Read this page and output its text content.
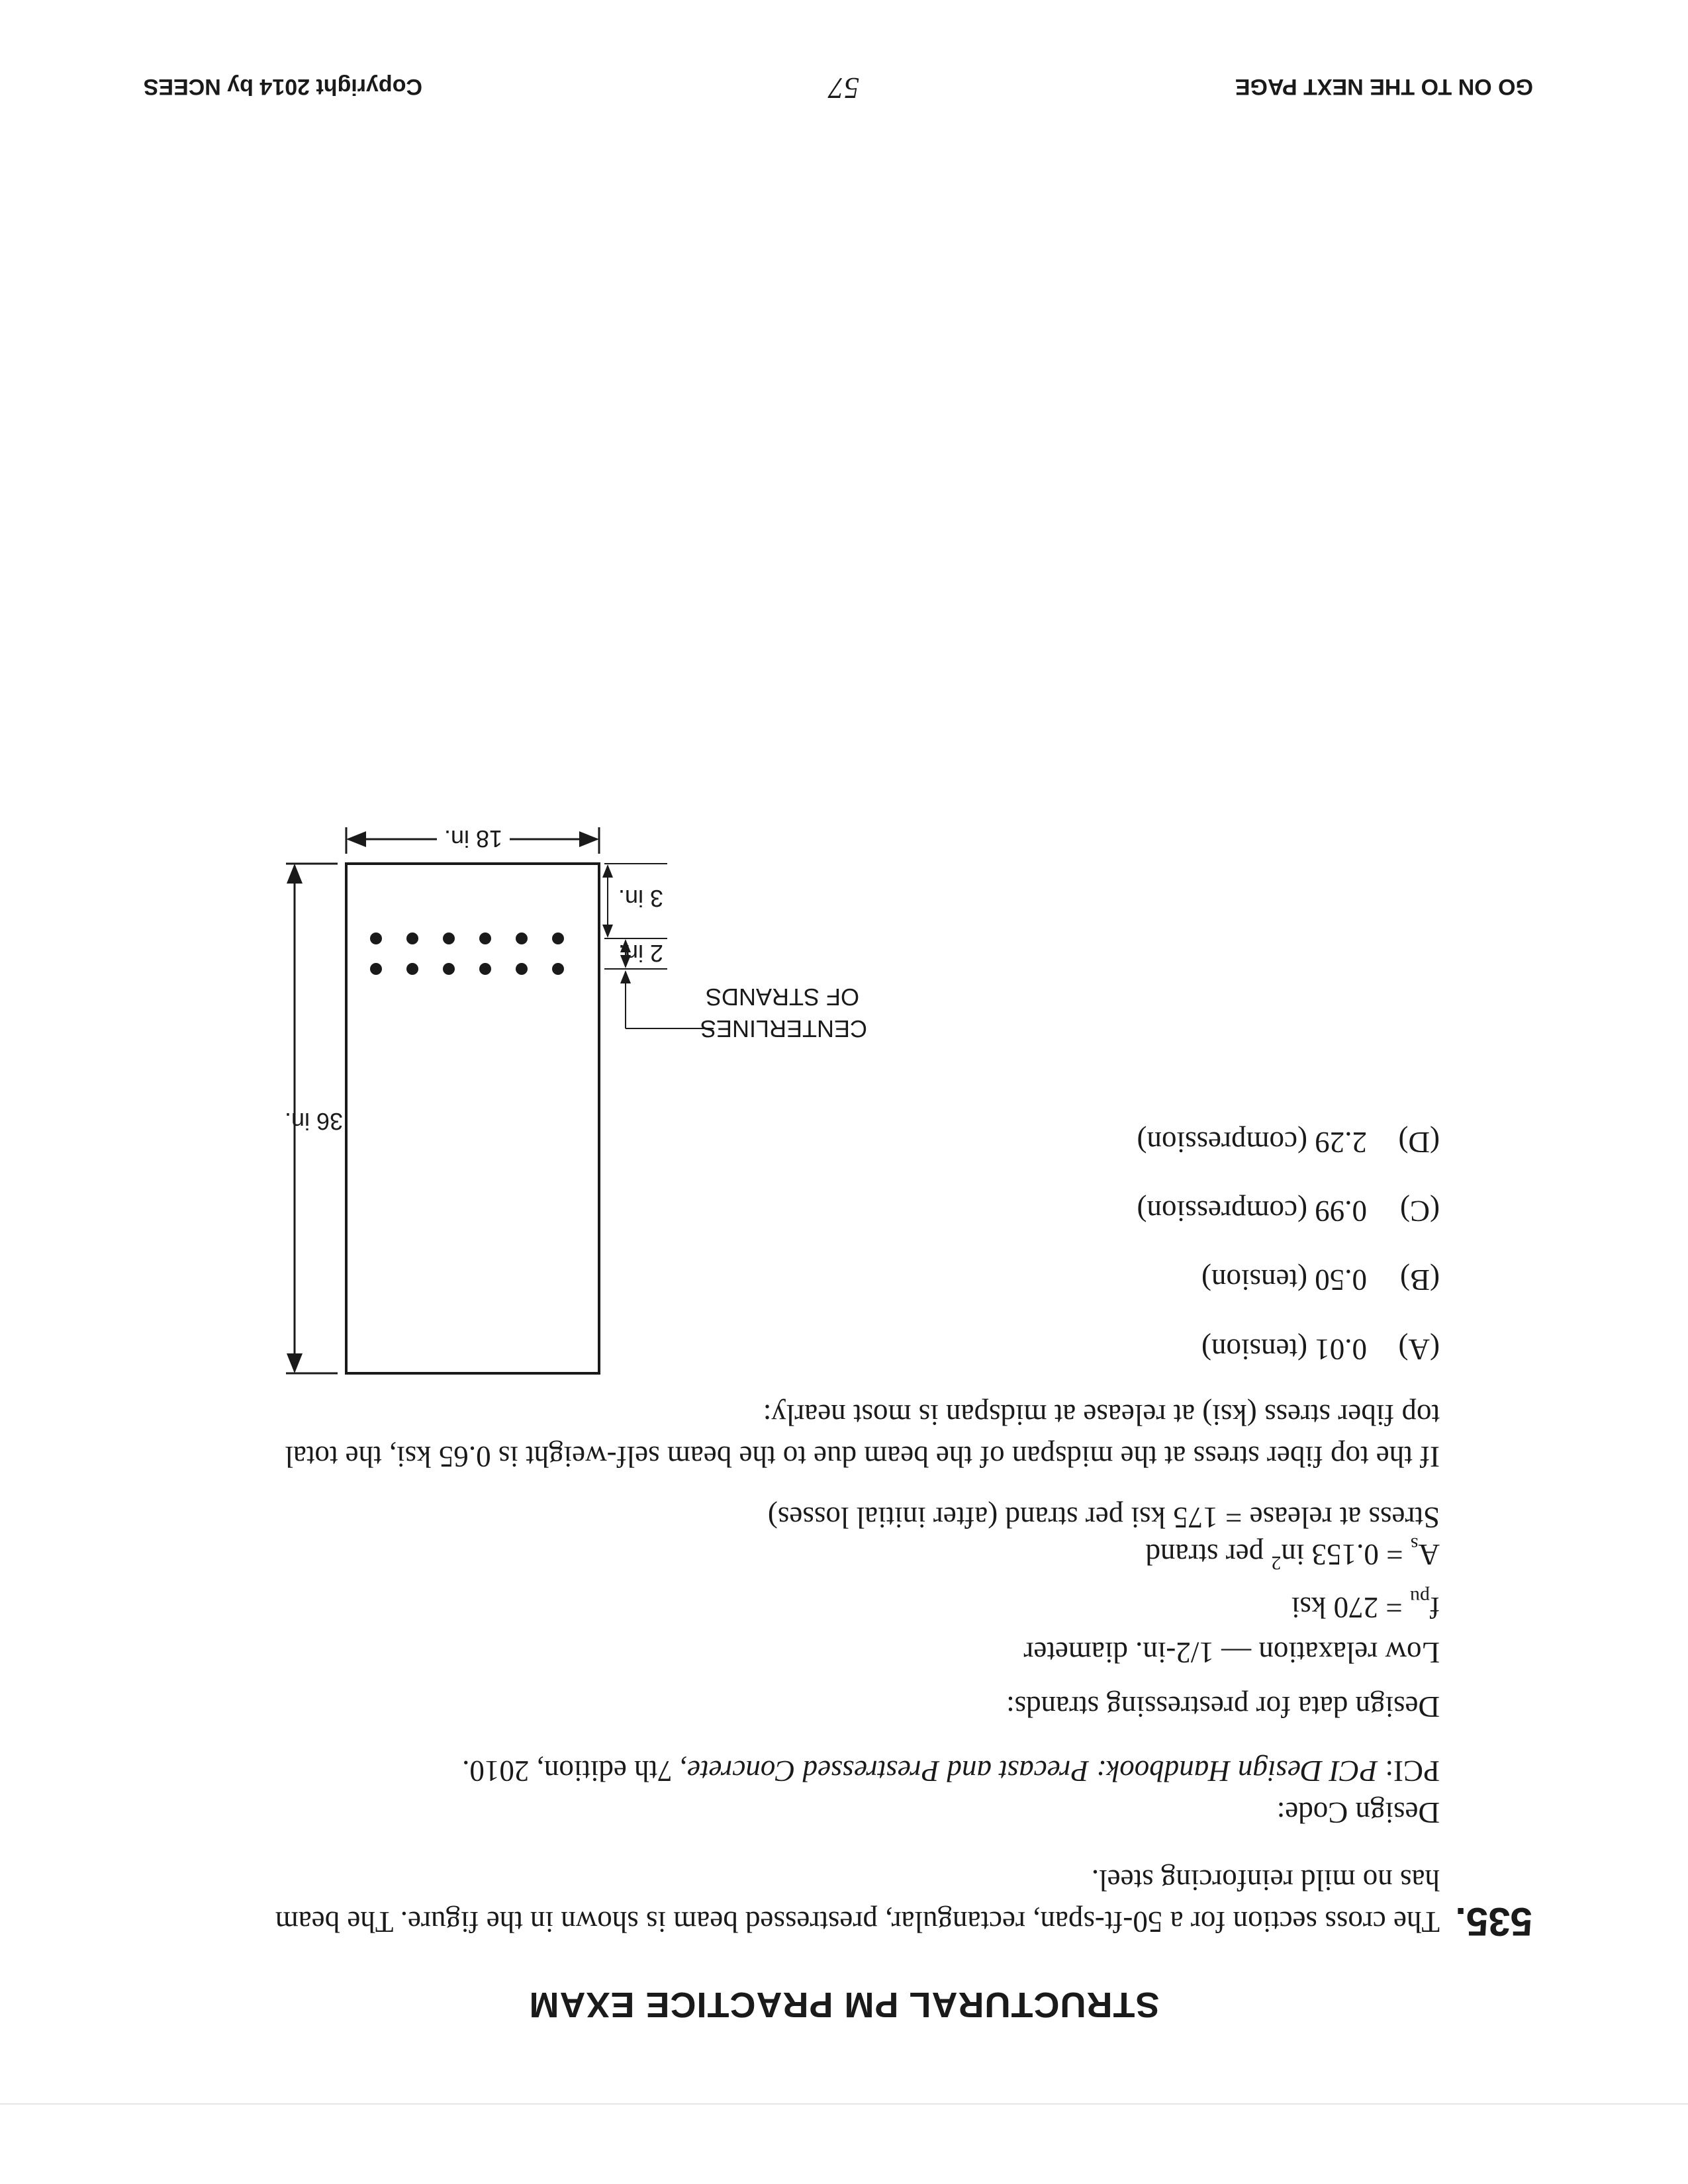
STRUCTURAL PM PRACTICE EXAM
535.
The cross section for a 50-ft-span, rectangular, prestressed beam is shown in the figure. The beam
has no mild reinforcing steel.
Design Code:
PCI: PCI Design Handbook: Precast and Prestressed Concrete, 7th edition, 2010.
Design data for prestressing strands:
Low relaxation — 1/2-in. diameter
$f_{pu} = 270$ ksi
$A_s = 0.153$ $in^2$ per strand
Stress at release = 175 ksi per strand (after initial losses)
If the top fiber stress at the midspan of the beam due to the beam self-weight is 0.65 ksi, the total
top fiber stress (ksi) at release at midspan is most nearly:
(A)0.01 (tension)
(B)0.50 (tension)
(C)0.99 (compression)
(D)2.29 (compression)
36 in.
18 in.
2 in.
3 in.
CENTERLINES
OF STRANDS
GO ON TO THE NEXT PAGE
57
Copyright 2014 by NCEES
